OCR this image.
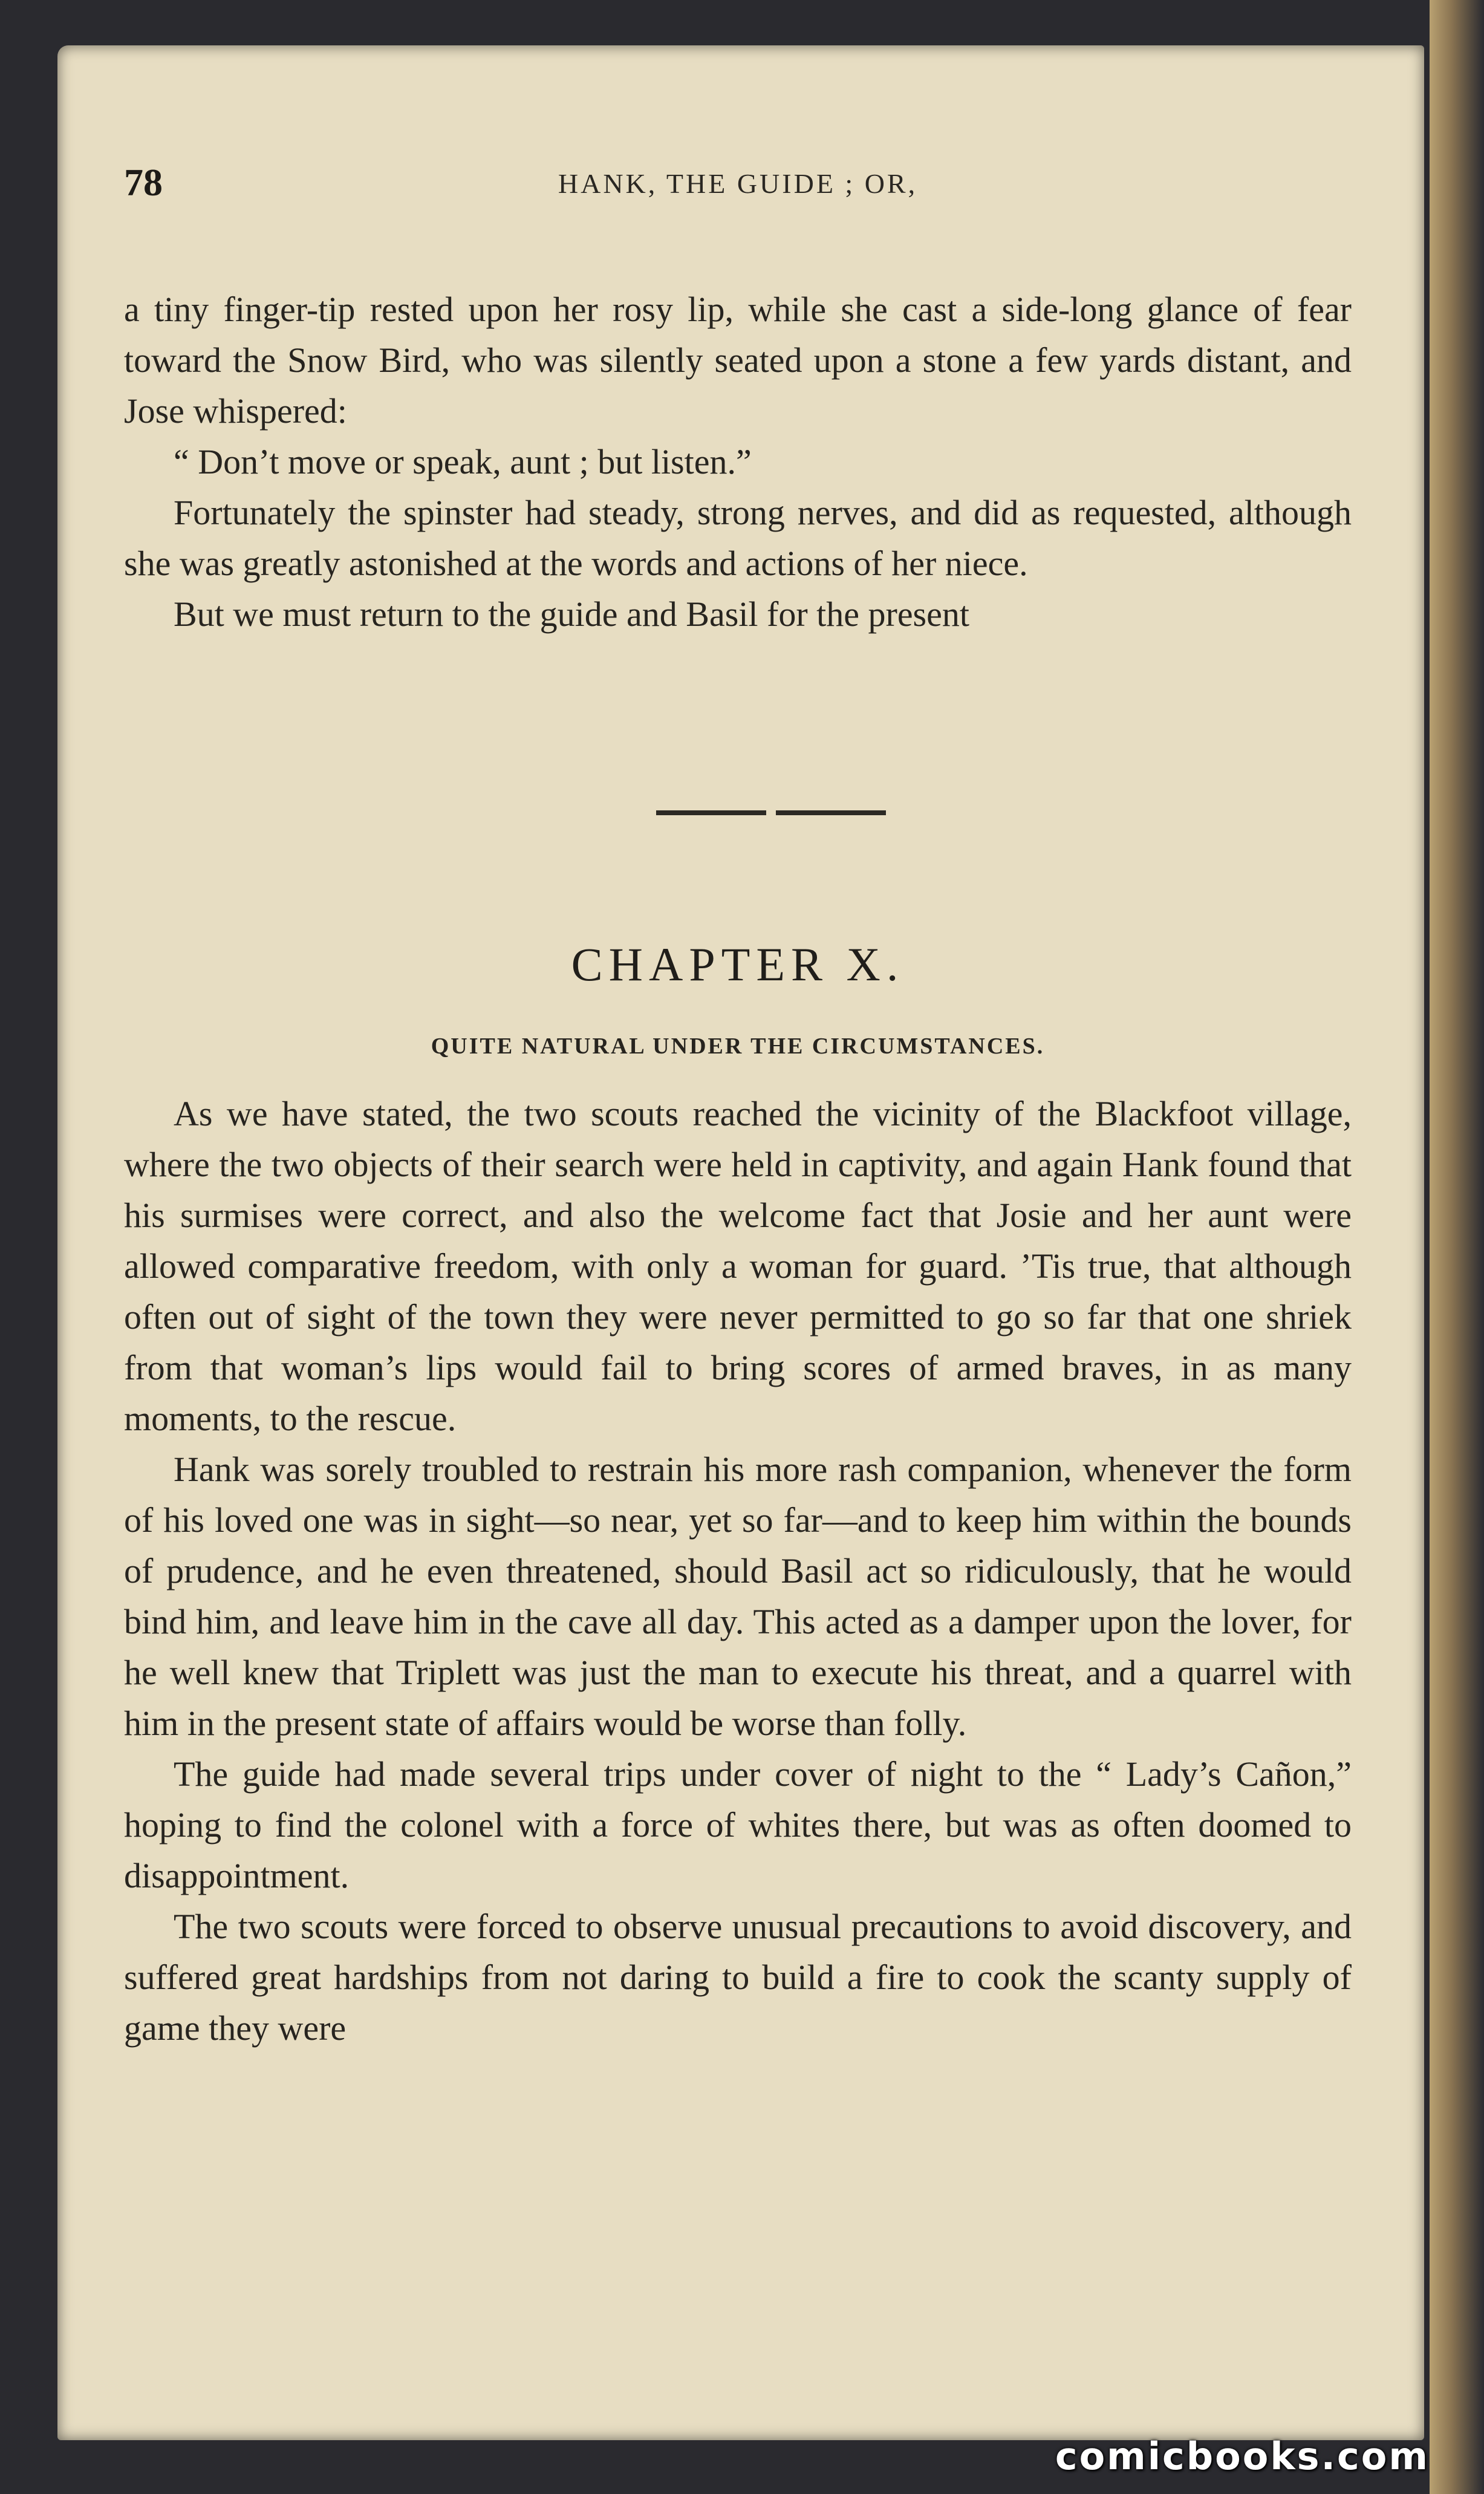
78	HANK, THE GUIDE ; OR,

a tiny finger-tip rested upon her rosy lip, while she cast a side-long glance of fear toward the Snow Bird, who was silently seated upon a stone a few yards distant, and Jose whispered:

“ Don’t move or speak, aunt ; but listen.”

Fortunately the spinster had steady, strong nerves, and did as requested, although she was greatly astonished at the words and actions of her niece.

But we must return to the guide and Basil for the present

CHAPTER X.
QUITE NATURAL UNDER THE CIRCUMSTANCES.

As we have stated, the two scouts reached the vicinity of the Blackfoot village, where the two objects of their search were held in captivity, and again Hank found that his surmises were correct, and also the welcome fact that Josie and her aunt were allowed comparative freedom, with only a woman for guard. ’Tis true, that although often out of sight of the town they were never permitted to go so far that one shriek from that woman’s lips would fail to bring scores of armed braves, in as many moments, to the rescue.

Hank was sorely troubled to restrain his more rash companion, whenever the form of his loved one was in sight—so near, yet so far—and to keep him within the bounds of prudence, and he even threatened, should Basil act so ridiculously, that he would bind him, and leave him in the cave all day. This acted as a damper upon the lover, for he well knew that Triplett was just the man to execute his threat, and a quarrel with him in the present state of affairs would be worse than folly.

The guide had made several trips under cover of night to the “ Lady’s Cañon,” hoping to find the colonel with a force of whites there, but was as often doomed to disappointment.

The two scouts were forced to observe unusual precautions to avoid discovery, and suffered great hardships from not daring to build a fire to cook the scanty supply of game they were

comicbooks.com
